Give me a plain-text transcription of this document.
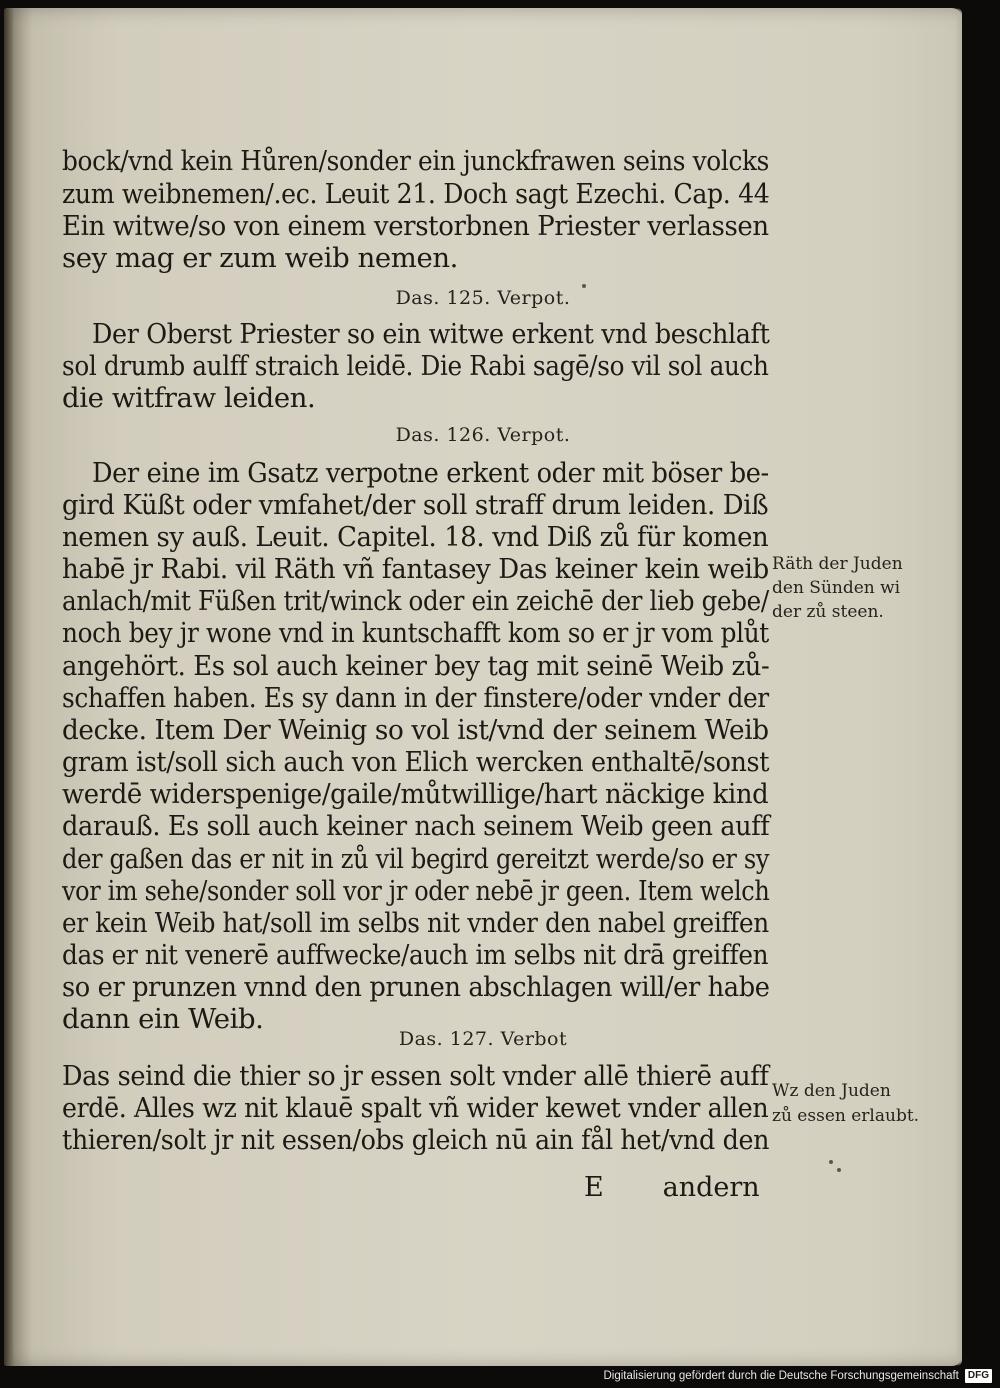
bock/vnd kein Hůren/sonder ein junckfrawen seins volcks
zum weibnemen/.ec. Leuit 21. Doch sagt Ezechi. Cap. 44
Ein witwe/so von einem verstorbnen Priester verlassen
sey mag er zum weib nemen.
Das. 125. Verpot.
Der Oberst Priester so ein witwe erkent vnd beschlaft
sol drumb aulff straich leidē. Die Rabi sagē/so vil sol auch
die witfraw leiden.
Das. 126. Verpot.
Der eine im Gsatz verpotne erkent oder mit böser be-
gird Küßt oder vmfahet/der soll straff drum leiden. Diß
nemen sy auß. Leuit. Capitel. 18. vnd Diß zů für komen
habē jr Rabi. vil Räth vñ fantasey Das keiner kein weib
anlach/mit Füßen trit/winck oder ein zeichē der lieb gebe/
noch bey jr wone vnd in kuntschafft kom so er jr vom plůt
angehört. Es sol auch keiner bey tag mit seinē Weib zů-
schaffen haben. Es sy dann in der finstere/oder vnder der
decke. Item Der Weinig so vol ist/vnd der seinem Weib
gram ist/soll sich auch von Elich wercken enthaltē/sonst
werdē widerspenige/gaile/můtwillige/hart näckige kind
darauß. Es soll auch keiner nach seinem Weib geen auff
der gaßen das er nit in zů vil begird gereitzt werde/so er sy
vor im sehe/sonder soll vor jr oder nebē jr geen. Item welch
er kein Weib hat/soll im selbs nit vnder den nabel greiffen
das er nit venerē auffwecke/auch im selbs nit drā greiffen
so er prunzen vnnd den prunen abschlagen will/er habe
dann ein Weib.
Das. 127. Verbot
Das seind die thier so jr essen solt vnder allē thierē auff
erdē. Alles wz nit klauē spalt vñ wider kewet vnder allen
thieren/solt jr nit essen/obs gleich nū ain fål het/vnd den
E andern
Räth der Juden
den Sünden wi
der zů steen.
Wz den Juden
zů essen erlaubt.
Digitalisierung gefördert durch die Deutsche Forschungsgemeinschaft DFG
